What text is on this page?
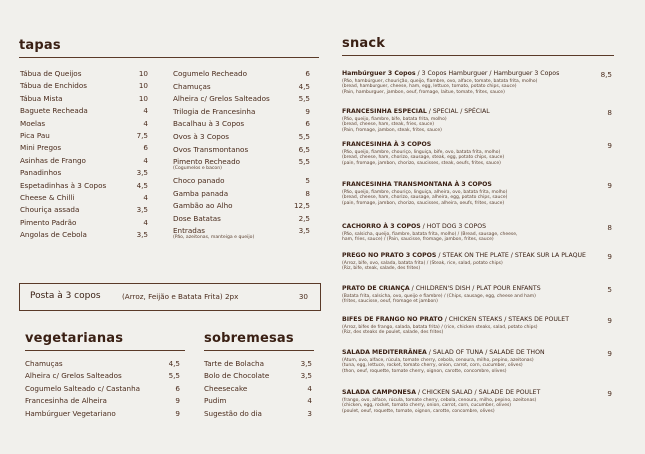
tapas	snack
Tábua de Queijos	10
Tábua de Enchidos	10
Tábua Mista	10
Baguete Recheada	4
Moelas	4
Pica Pau	7,5
Mini Pregos	6
Asinhas de Frango	4
Panadinhos	3,5
Espetadinhas à 3 Copos	4,5
Cheese & Chilli	4
Chouriça assada	3,5
Pimento Padrão	4
Angolas de Cebola	3,5
Cogumelo Recheado	6
Chamuças	4,5
Alheira c/ Grelos Salteados	5,5
Trilogia de Francesinha	9
Bacalhau à 3 Copos	6
Ovos à 3 Copos	5,5
Ovos Transmontanos	6,5
Pimento Recheado	5,5
(Cogumelos e bacon)
Choco panado	5
Gamba panada	8
Gambão ao Alho	12,5
Dose Batatas	2,5
Entradas	3,5
(Pão, azeitonas, manteiga e queijo)
Posta à 3 copos	(Arroz, Feijão e Batata Frita) 2px	30
vegetarianas	sobremesas
Chamuças	4,5
Alheira c/ Grelos Salteados	5,5
Cogumelo Salteado c/ Castanha	6
Francesinha de Alheira	9
Hambúrguer Vegetariano	9
Tarte de Bolacha	3,5
Bolo de Chocolate	3,5
Cheesecake	4
Pudim	4
Sugestão do dia	3
Hambúrguer 3 Copos / 3 Copos Hamburguer / Hamburguer 3 Copos	8,5
(Pão, hambúrguer, chourição, queijo, fiambre, ovo, alface, tomate, batata frita, molho)
(bread, hamburguer, cheese, ham, egg, lettuce, tomato, potato chips, sauce)
(Pain, hamburguer, jambon, oeuf, fromage, laitue, tomate, frites, sauce)
FRANCESINHA ESPECIAL / SPECIAL / SPÉCIAL	8
(Pão, queijo, fiambre, bife, batata frita, molho)
(bread, cheese, ham, steak, fries, sauce)
(Pain, fromage, jambon, steak, frites, sauce)
FRANCESINHA À 3 COPOS	9
(Pão, queijo, fiambre, chouriço, linguiça, bife, ovo, batata frita, molho)
(bread, cheese, ham, chorizo, sausage, steak, egg, potato chips, sauce)
(pain, fromage, jambon, chorizo, saucisses, steak, oeufs, frites, sauce)
FRANCESINHA TRANSMONTANA À 3 COPOS	9
(Pão, queijo, fiambre, chouriço, linguiça, alheira, ovo, batata frita, molho)
(bread, cheese, ham, chorizo, sausage, alheira, egg, potato chips, sauce)
(pain, fromage, jambon, chorizo, saucisses, alheira, oeufs, frites, sauce)
CACHORRO À 3 COPOS / HOT DOG 3 COPOS	8
(Pão, salsicha, queijo, fiambre, batata frita, molho) / (Bread, sausage, cheese,
ham, fries, sauce) / (Pain, saucisse, fromage, jambon, frites, sauce)
PREGO NO PRATO 3 COPOS / STEAK ON THE PLATE / STEAK SUR LA PLAQUE	9
(Arroz, bife, ovo, salada, batata frita) / (Steak, rice, salad, potato chips)
(Riz, bife, steak, salade, des frites)
PRATO DE CRIANÇA / CHILDREN'S DISH / PLAT POUR ENFANTS	5
(Batata frita, salsicha, ovo, queijo e fiambre) / (Chips, sausage, egg, cheese and ham)
(frites, saucisse, oeuf, fromage et jambon)
BIFES DE FRANGO NO PRATO / CHICKEN STEAKS / STEAKS DE POULET	9
(Arroz, bifes de frango, salada, batata frita) / (rice, chicken steaks, salad, potato chips)
(Riz, des steaks de poulet, salade, des frites)
SALADA MEDITERRÂNEA / SALAD OF TUNA / SALADE DE THON	9
(Atum, ovo, alface, rúcula, tomate cherry, cebola, cenoura, milho, pepino, azeitonas)
(tuna, egg, lettuce, rocket, tomato cherry, onion, carrot, corn, cucumber, olives)
(thon, oeuf, roquette, tomate cherry, oignon, carotte, concombre, olives)
SALADA CAMPONESA / CHICKEN SALAD / SALADE DE POULET	9
(frango, ovo, alface, rúcula, tomate cherry, cebola, cenoura, milho, pepino, azeitonas)
(chicken, egg, rocket, tomato cherry, onion, carrot, corn, cucumber, olives)
(poulet, oeuf, roquette, tomate, oignon, carotte, concombre, olives)
